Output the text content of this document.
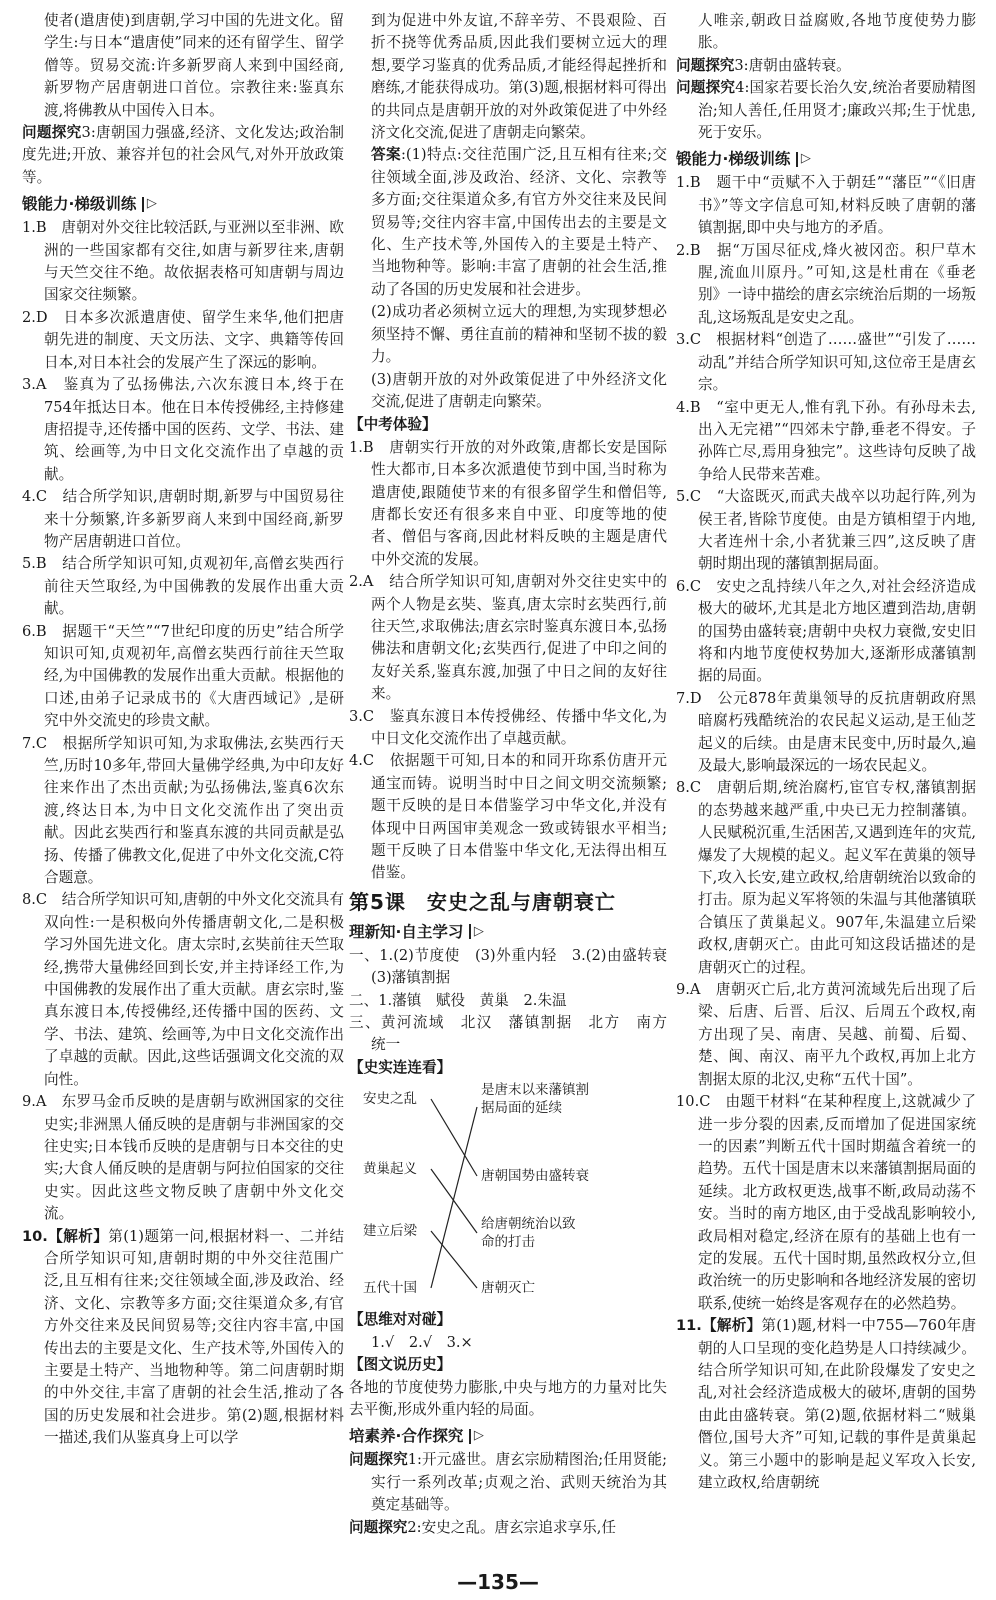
使者(遣唐使)到唐朝,学习中国的先进文化。留学生:与日本“遣唐使”同来的还有留学生、留学僧等。贸易交流:许多新罗商人来到中国经商,新罗物产居唐朝进口首位。宗教往来:鉴真东渡,将佛教从中国传入日本。

问题探究3:唐朝国力强盛,经济、文化发达;政治制度先进;开放、兼容并包的社会风气,对外开放政策等。

锻能力·梯级训练 ▷

1.B　唐朝对外交往比较活跃,与亚洲以至非洲、欧洲的一些国家都有交往,如唐与新罗往来,唐朝与天竺交往不绝。故依据表格可知唐朝与周边国家交往频繁。

2.D　日本多次派遣唐使、留学生来华,他们把唐朝先进的制度、天文历法、文字、典籍等传回日本,对日本社会的发展产生了深远的影响。

3.A　鉴真为了弘扬佛法,六次东渡日本,终于在754年抵达日本。他在日本传授佛经,主持修建唐招提寺,还传播中国的医药、文学、书法、建筑、绘画等,为中日文化交流作出了卓越的贡献。

4.C　结合所学知识,唐朝时期,新罗与中国贸易往来十分频繁,许多新罗商人来到中国经商,新罗物产居唐朝进口首位。

5.B　结合所学知识可知,贞观初年,高僧玄奘西行前往天竺取经,为中国佛教的发展作出重大贡献。

6.B　据题干“天竺”“7世纪印度的历史”结合所学知识可知,贞观初年,高僧玄奘西行前往天竺取经,为中国佛教的发展作出重大贡献。根据他的口述,由弟子记录成书的《大唐西域记》,是研究中外交流史的珍贵文献。

7.C　根据所学知识可知,为求取佛法,玄奘西行天竺,历时10多年,带回大量佛学经典,为中印友好往来作出了杰出贡献;为弘扬佛法,鉴真6次东渡,终达日本,为中日文化交流作出了突出贡献。因此玄奘西行和鉴真东渡的共同贡献是弘扬、传播了佛教文化,促进了中外文化交流,C符合题意。

8.C　结合所学知识可知,唐朝的中外文化交流具有双向性:一是积极向外传播唐朝文化,二是积极学习外国先进文化。唐太宗时,玄奘前往天竺取经,携带大量佛经回到长安,并主持译经工作,为中国佛教的发展作出了重大贡献。唐玄宗时,鉴真东渡日本,传授佛经,还传播中国的医药、文学、书法、建筑、绘画等,为中日文化交流作出了卓越的贡献。因此,这些话强调文化交流的双向性。

9.A　东罗马金币反映的是唐朝与欧洲国家的交往史实;非洲黑人俑反映的是唐朝与非洲国家的交往史实;日本钱币反映的是唐朝与日本交往的史实;大食人俑反映的是唐朝与阿拉伯国家的交往史实。因此这些文物反映了唐朝中外文化交流。

10.【解析】第(1)题第一问,根据材料一、二并结合所学知识可知,唐朝时期的中外交往范围广泛,且互相有往来;交往领域全面,涉及政治、经济、文化、宗教等多方面;交往渠道众多,有官方外交往来及民间贸易等;交往内容丰富,中国传出去的主要是文化、生产技术等,外国传入的主要是土特产、当地物种等。第二问唐朝时期的中外交往,丰富了唐朝的社会生活,推动了各国的历史发展和社会进步。第(2)题,根据材料一描述,我们从鉴真身上可以学

到为促进中外友谊,不辞辛劳、不畏艰险、百折不挠等优秀品质,因此我们要树立远大的理想,要学习鉴真的优秀品质,才能经得起挫折和磨练,才能获得成功。第(3)题,根据材料可得出的共同点是唐朝开放的对外政策促进了中外经济文化交流,促进了唐朝走向繁荣。

答案:(1)特点:交往范围广泛,且互相有往来;交往领域全面,涉及政治、经济、文化、宗教等多方面;交往渠道众多,有官方外交往来及民间贸易等;交往内容丰富,中国传出去的主要是文化、生产技术等,外国传入的主要是土特产、当地物种等。影响:丰富了唐朝的社会生活,推动了各国的历史发展和社会进步。

(2)成功者必须树立远大的理想,为实现梦想必须坚持不懈、勇往直前的精神和坚韧不拔的毅力。

(3)唐朝开放的对外政策促进了中外经济文化交流,促进了唐朝走向繁荣。

【中考体验】

1.B　唐朝实行开放的对外政策,唐都长安是国际性大都市,日本多次派遣使节到中国,当时称为遣唐使,跟随使节来的有很多留学生和僧侣等,唐都长安还有很多来自中亚、印度等地的使者、僧侣与客商,因此材料反映的主题是唐代中外交流的发展。

2.A　结合所学知识可知,唐朝对外交往史实中的两个人物是玄奘、鉴真,唐太宗时玄奘西行,前往天竺,求取佛法;唐玄宗时鉴真东渡日本,弘扬佛法和唐朝文化;玄奘西行,促进了中印之间的友好关系,鉴真东渡,加强了中日之间的友好往来。

3.C　鉴真东渡日本传授佛经、传播中华文化,为中日文化交流作出了卓越贡献。

4.C　依据题干可知,日本的和同开珎系仿唐开元通宝而铸。说明当时中日之间文明交流频繁;题干反映的是日本借鉴学习中华文化,并没有体现中日两国审美观念一致或铸银水平相当;题干反映了日本借鉴中华文化,无法得出相互借鉴。

第5课　安史之乱与唐朝衰亡
理新知·自主学习 ▷

一、1.(2)节度使　(3)外重内轻　3.(2)由盛转衰　(3)藩镇割据

二、1.藩镇　赋役　黄巢　2.朱温

三、黄河流域　北汉　藩镇割据　北方　南方　统一

【史实连连看】
安史之乱
黄巢起义
建立后梁
五代十国
是唐末以来藩镇割据局面的延续
唐朝国势由盛转衰
给唐朝统治以致命的打击
唐朝灭亡
【思维对对碰】

1.√　2.√　3.×

【图文说历史】

各地的节度使势力膨胀,中央与地方的力量对比失去平衡,形成外重内轻的局面。

培素养·合作探究 ▷

问题探究1:开元盛世。唐玄宗励精图治;任用贤能;实行一系列改革;贞观之治、武则天统治为其奠定基础等。

问题探究2:安史之乱。唐玄宗追求享乐,任

人唯亲,朝政日益腐败,各地节度使势力膨胀。

问题探究3:唐朝由盛转衰。

问题探究4:国家若要长治久安,统治者要励精图治;知人善任,任用贤才;廉政兴邦;生于忧患,死于安乐。

锻能力·梯级训练 ▷

1.B　题干中“贡赋不入于朝廷”“藩臣”“《旧唐书》”等文字信息可知,材料反映了唐朝的藩镇割据,即中央与地方的矛盾。

2.B　据“万国尽征戍,烽火被冈峦。积尸草木腥,流血川原丹。”可知,这是杜甫在《垂老别》一诗中描绘的唐玄宗统治后期的一场叛乱,这场叛乱是安史之乱。

3.C　根据材料“创造了……盛世”“引发了……动乱”并结合所学知识可知,这位帝王是唐玄宗。

4.B　“室中更无人,惟有乳下孙。有孙母未去,出入无完裙”“四郊未宁静,垂老不得安。子孙阵亡尽,焉用身独完”。这些诗句反映了战争给人民带来苦难。

5.C　“大盗既灭,而武夫战卒以功起行阵,列为侯王者,皆除节度使。由是方镇相望于内地,大者连州十余,小者犹兼三四”,这反映了唐朝时期出现的藩镇割据局面。

6.C　安史之乱持续八年之久,对社会经济造成极大的破坏,尤其是北方地区遭到浩劫,唐朝的国势由盛转衰;唐朝中央权力衰微,安史旧将和内地节度使权势加大,逐渐形成藩镇割据的局面。

7.D　公元878年黄巢领导的反抗唐朝政府黑暗腐朽残酷统治的农民起义运动,是王仙芝起义的后续。由是唐末民变中,历时最久,遍及最大,影响最深远的一场农民起义。

8.C　唐朝后期,统治腐朽,宦官专权,藩镇割据的态势越来越严重,中央已无力控制藩镇。人民赋税沉重,生活困苦,又遇到连年的灾荒,爆发了大规模的起义。起义军在黄巢的领导下,攻入长安,建立政权,给唐朝统治以致命的打击。原为起义军将领的朱温与其他藩镇联合镇压了黄巢起义。907年,朱温建立后梁政权,唐朝灭亡。由此可知这段话描述的是唐朝灭亡的过程。

9.A　唐朝灭亡后,北方黄河流域先后出现了后梁、后唐、后晋、后汉、后周五个政权,南方出现了吴、南唐、吴越、前蜀、后蜀、楚、闽、南汉、南平九个政权,再加上北方割据太原的北汉,史称“五代十国”。

10.C　由题干材料“在某种程度上,这就减少了进一步分裂的因素,反而增加了促进国家统一的因素”判断五代十国时期蕴含着统一的趋势。五代十国是唐末以来藩镇割据局面的延续。北方政权更迭,战事不断,政局动荡不安。当时的南方地区,由于受战乱影响较小,政局相对稳定,经济在原有的基础上也有一定的发展。五代十国时期,虽然政权分立,但政治统一的历史影响和各地经济发展的密切联系,使统一始终是客观存在的必然趋势。

11.【解析】第(1)题,材料一中755—760年唐朝的人口呈现的变化趋势是人口持续减少。结合所学知识可知,在此阶段爆发了安史之乱,对社会经济造成极大的破坏,唐朝的国势由此由盛转衰。第(2)题,依据材料二“贼巢僭位,国号大齐”可知,记载的事件是黄巢起义。第三小题中的影响是起义军攻入长安,建立政权,给唐朝统

—135—
